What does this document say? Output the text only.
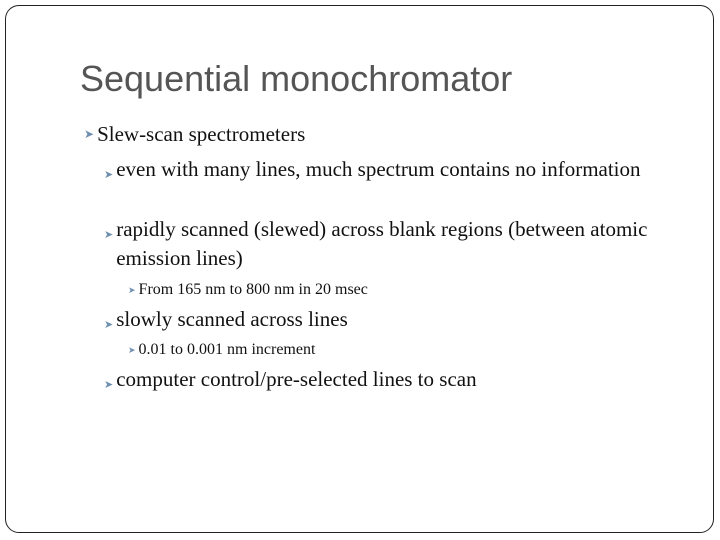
Sequential monochromator
➤ Slew-scan spectrometers
➤ even with many lines, much spectrum contains no information
➤ rapidly scanned (slewed) across blank regions (between atomic emission lines)
➤ From 165 nm to 800 nm in 20 msec
➤ slowly scanned across lines
➤ 0.01 to 0.001 nm increment
➤ computer control/pre-selected lines to scan
